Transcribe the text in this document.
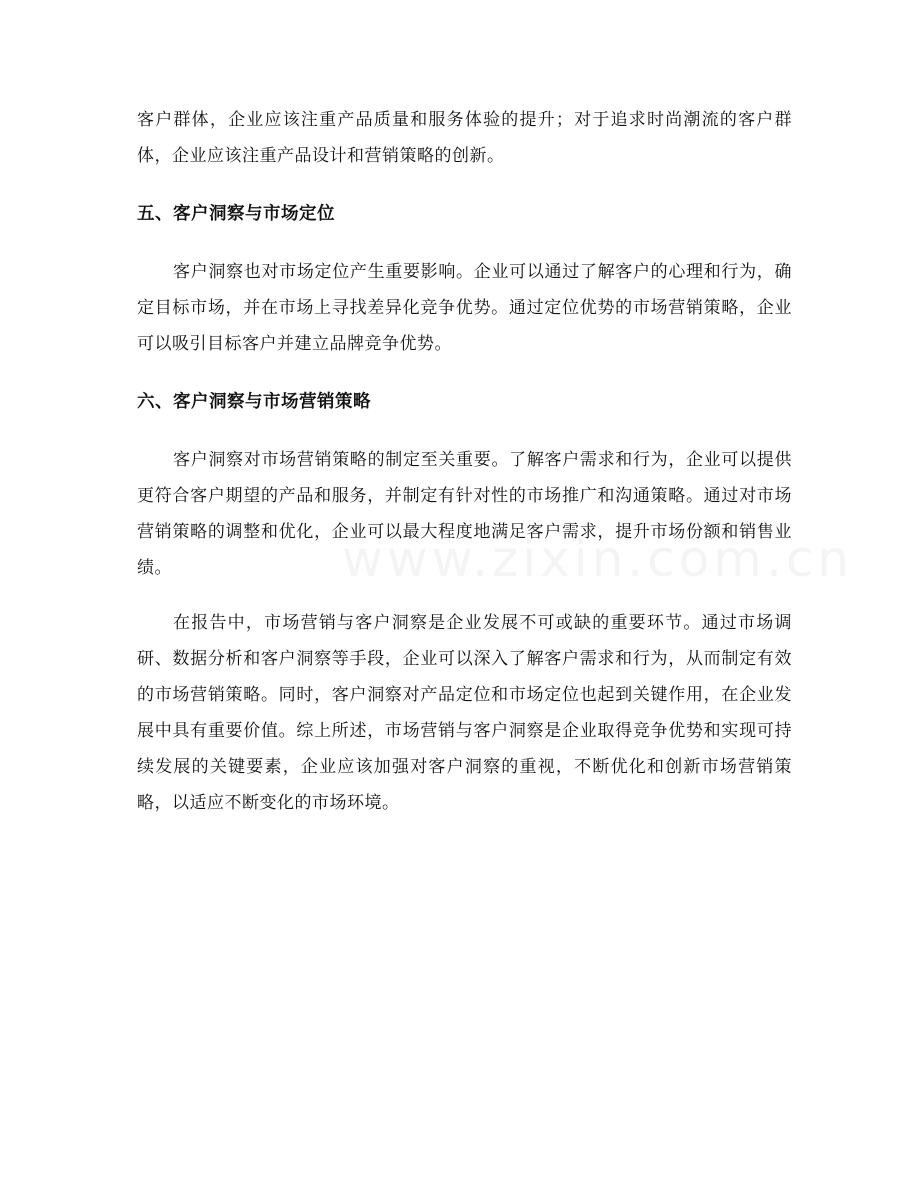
客户群体，企业应该注重产品质量和服务体验的提升；对于追求时尚潮流的客户群体，企业应该注重产品设计和营销策略的创新。

五、客户洞察与市场定位

客户洞察也对市场定位产生重要影响。企业可以通过了解客户的心理和行为，确定目标市场，并在市场上寻找差异化竞争优势。通过定位优势的市场营销策略，企业可以吸引目标客户并建立品牌竞争优势。

六、客户洞察与市场营销策略

客户洞察对市场营销策略的制定至关重要。了解客户需求和行为，企业可以提供更符合客户期望的产品和服务，并制定有针对性的市场推广和沟通策略。通过对市场营销策略的调整和优化，企业可以最大程度地满足客户需求，提升市场份额和销售业绩。

在报告中，市场营销与客户洞察是企业发展不可或缺的重要环节。通过市场调研、数据分析和客户洞察等手段，企业可以深入了解客户需求和行为，从而制定有效的市场营销策略。同时，客户洞察对产品定位和市场定位也起到关键作用，在企业发展中具有重要价值。综上所述，市场营销与客户洞察是企业取得竞争优势和实现可持续发展的关键要素，企业应该加强对客户洞察的重视，不断优化和创新市场营销策略，以适应不断变化的市场环境。
